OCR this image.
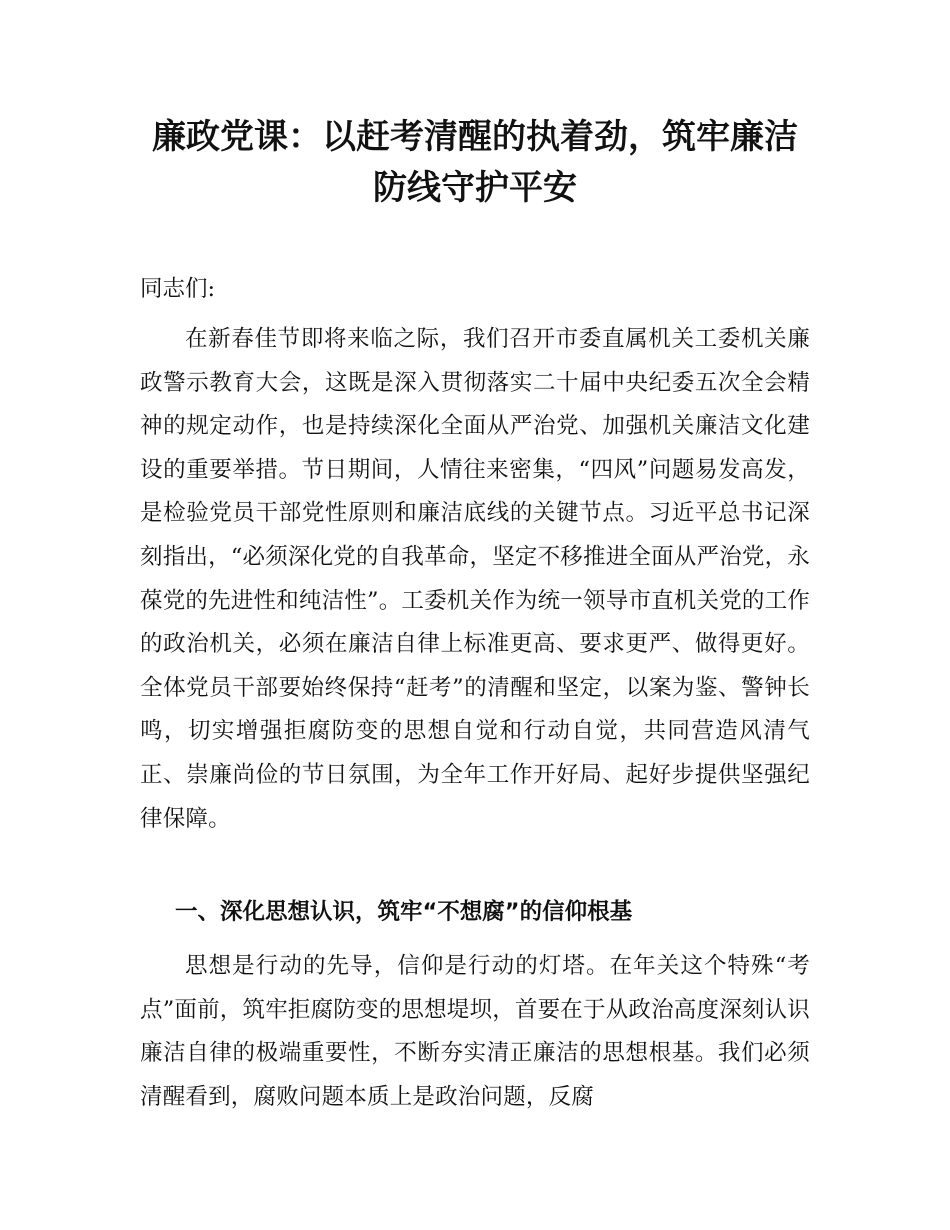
廉政党课：以赶考清醒的执着劲，筑牢廉洁
防线守护平安

同志们:

在新春佳节即将来临之际，我们召开市委直属机关工委机关廉政警示教育大会，这既是深入贯彻落实二十届中央纪委五次全会精神的规定动作，也是持续深化全面从严治党、加强机关廉洁文化建设的重要举措。节日期间，人情往来密集，“四风”问题易发高发，是检验党员干部党性原则和廉洁底线的关键节点。习近平总书记深刻指出，“必须深化党的自我革命，坚定不移推进全面从严治党，永葆党的先进性和纯洁性”。工委机关作为统一领导市直机关党的工作的政治机关，必须在廉洁自律上标准更高、要求更严、做得更好。全体党员干部要始终保持“赶考”的清醒和坚定，以案为鉴、警钟长鸣，切实增强拒腐防变的思想自觉和行动自觉，共同营造风清气正、崇廉尚俭的节日氛围，为全年工作开好局、起好步提供坚强纪律保障。

一、深化思想认识，筑牢“不想腐”的信仰根基

思想是行动的先导，信仰是行动的灯塔。在年关这个特殊“考点”面前，筑牢拒腐防变的思想堤坝，首要在于从政治高度深刻认识廉洁自律的极端重要性，不断夯实清正廉洁的思想根基。我们必须清醒看到，腐败问题本质上是政治问题，反腐
